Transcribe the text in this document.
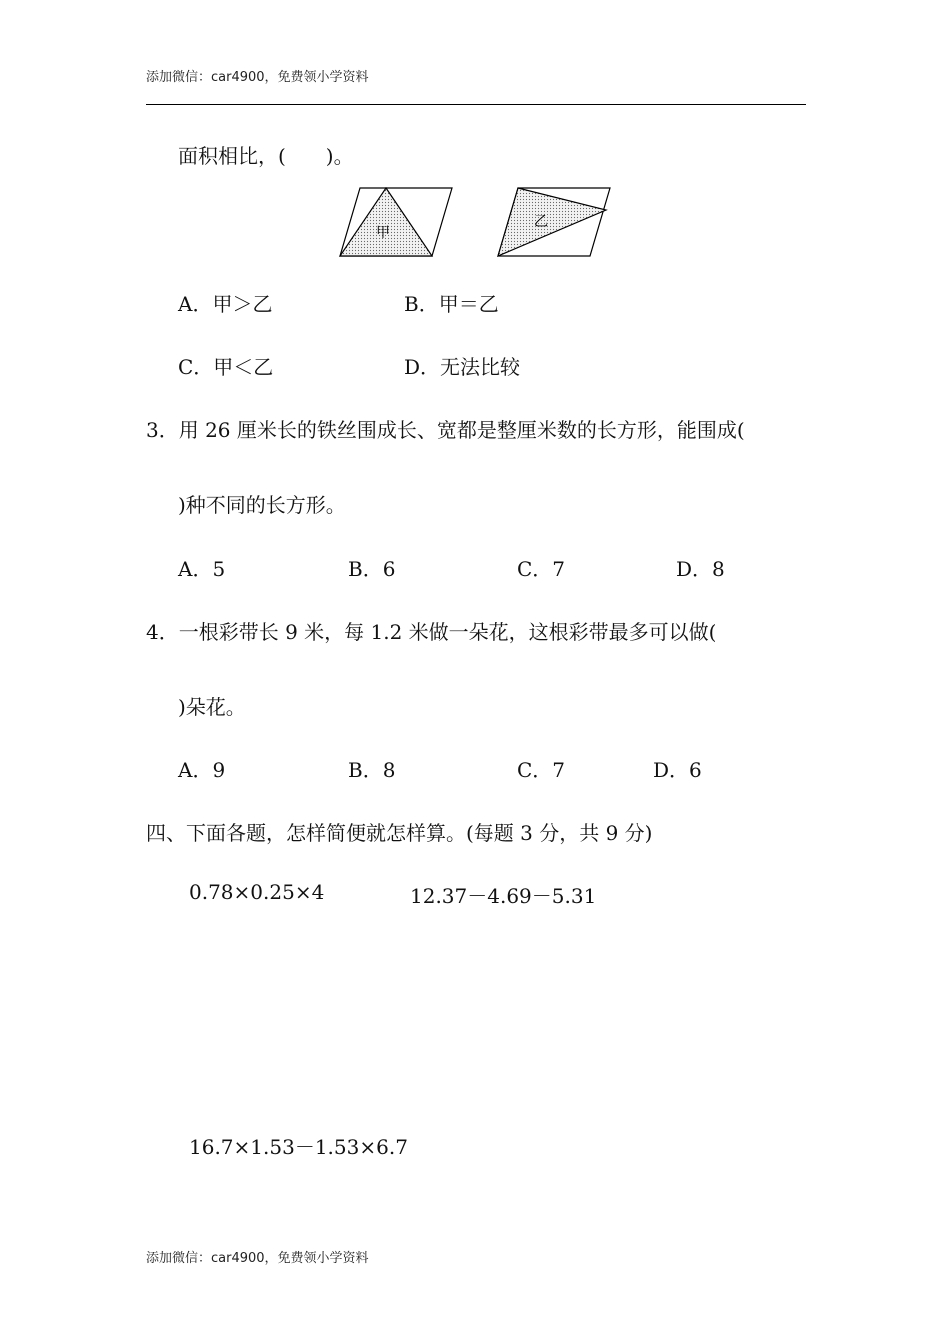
添加微信：car4900，免费领小学资料
面积相比，(　　)。
甲
乙
A．甲＞乙	B．甲＝乙
C．甲＜乙	D．无法比较
3．用 26 厘米长的铁丝围成长、宽都是整厘米数的长方形，能围成(
)种不同的长方形。
A．5	B．6	C．7	D．8
4．一根彩带长 9 米，每 1.2 米做一朵花，这根彩带最多可以做(
)朵花。
A．9	B．8	C．7	D．6
四、下面各题，怎样简便就怎样算。(每题 3 分，共 9 分)
0.78×0.25×4	12.37－4.69－5.31
16.7×1.53－1.53×6.7
添加微信：car4900，免费领小学资料
